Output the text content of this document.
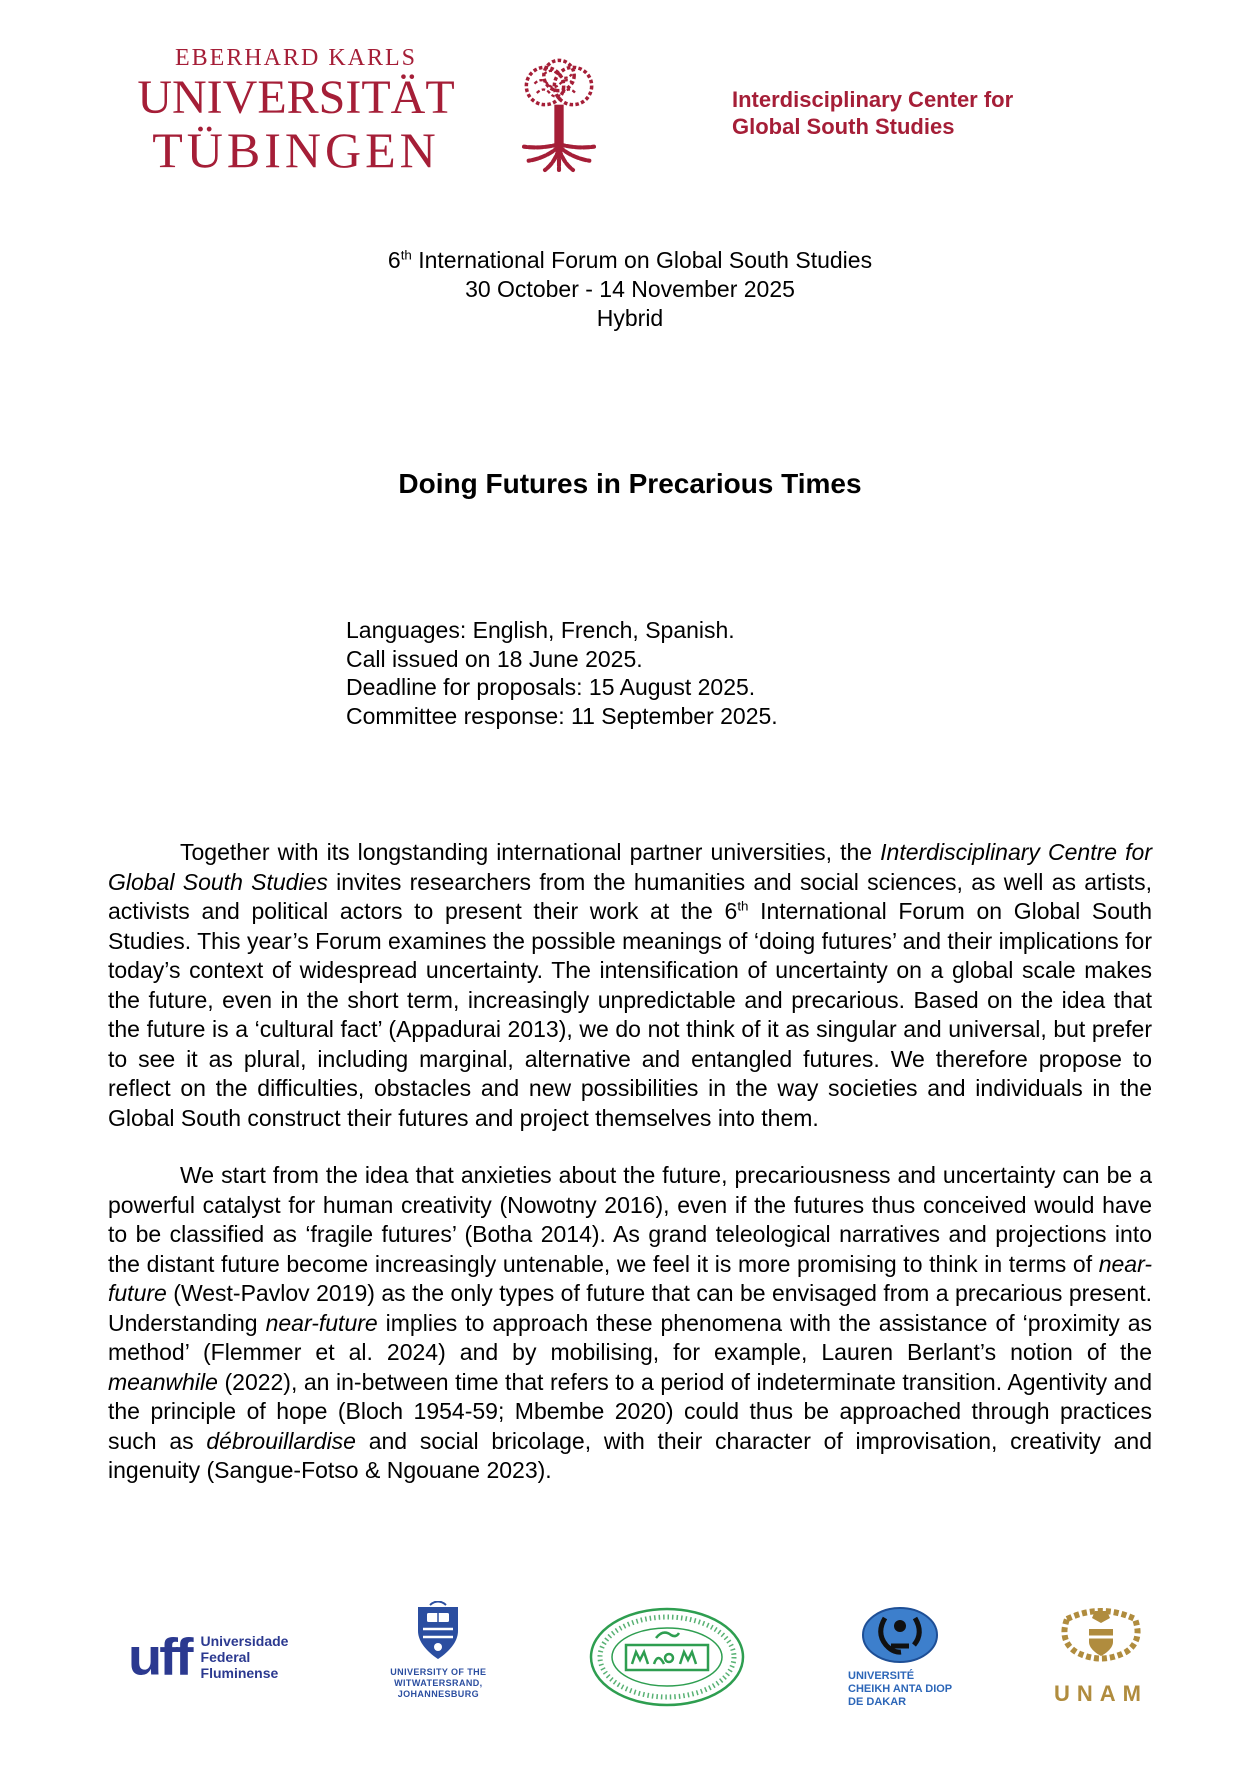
EBERHARD KARLS
UNIVERSITÄT
TÜBINGEN
Interdisciplinary Center for
Global South Studies
6th International Forum on Global South Studies
30 October - 14 November 2025
Hybrid
Doing Futures in Precarious Times
Languages: English, French, Spanish.
Call issued on 18 June 2025.
Deadline for proposals: 15 August 2025.
Committee response: 11 September 2025.

Together with its longstanding international partner universities, the Interdisciplinary Centre for Global South Studies invites researchers from the humanities and social sciences, as well as artists, activists and political actors to present their work at the 6th International Forum on Global South Studies. This year’s Forum examines the possible meanings of ‘doing futures’ and their implications for today’s context of widespread uncertainty. The intensification of uncertainty on a global scale makes the future, even in the short term, increasingly unpredictable and precarious. Based on the idea that the future is a ‘cultural fact’ (Appadurai 2013), we do not think of it as singular and universal, but prefer to see it as plural, including marginal, alternative and entangled futures. We therefore propose to reflect on the difficulties, obstacles and new possibilities in the way societies and individuals in the Global South construct their futures and project themselves into them.

We start from the idea that anxieties about the future, precariousness and uncertainty can be a powerful catalyst for human creativity (Nowotny 2016), even if the futures thus conceived would have to be classified as ‘fragile futures’ (Botha 2014). As grand teleological narratives and projections into the distant future become increasingly untenable, we feel it is more promising to think in terms of near-future (West-Pavlov 2019) as the only types of future that can be envisaged from a precarious present. Understanding near-future implies to approach these phenomena with the assistance of ‘proximity as method’ (Flemmer et al. 2024) and by mobilising, for example, Lauren Berlant’s notion of the meanwhile (2022), an in-between time that refers to a period of indeterminate transition. Agentivity and the principle of hope (Bloch 1954-59; Mbembe 2020) could thus be approached through practices such as débrouillardise and social bricolage, with their character of improvisation, creativity and ingenuity (Sangue-Fotso & Ngouane 2023).

uff Universidade
Federal
Fluminense	UNIVERSITY OF THE
WITWATERSRAND,
JOHANNESBURG
UNIVERSITÉ
CHEIKH ANTA DIOP
DE DAKAR	UNAM
